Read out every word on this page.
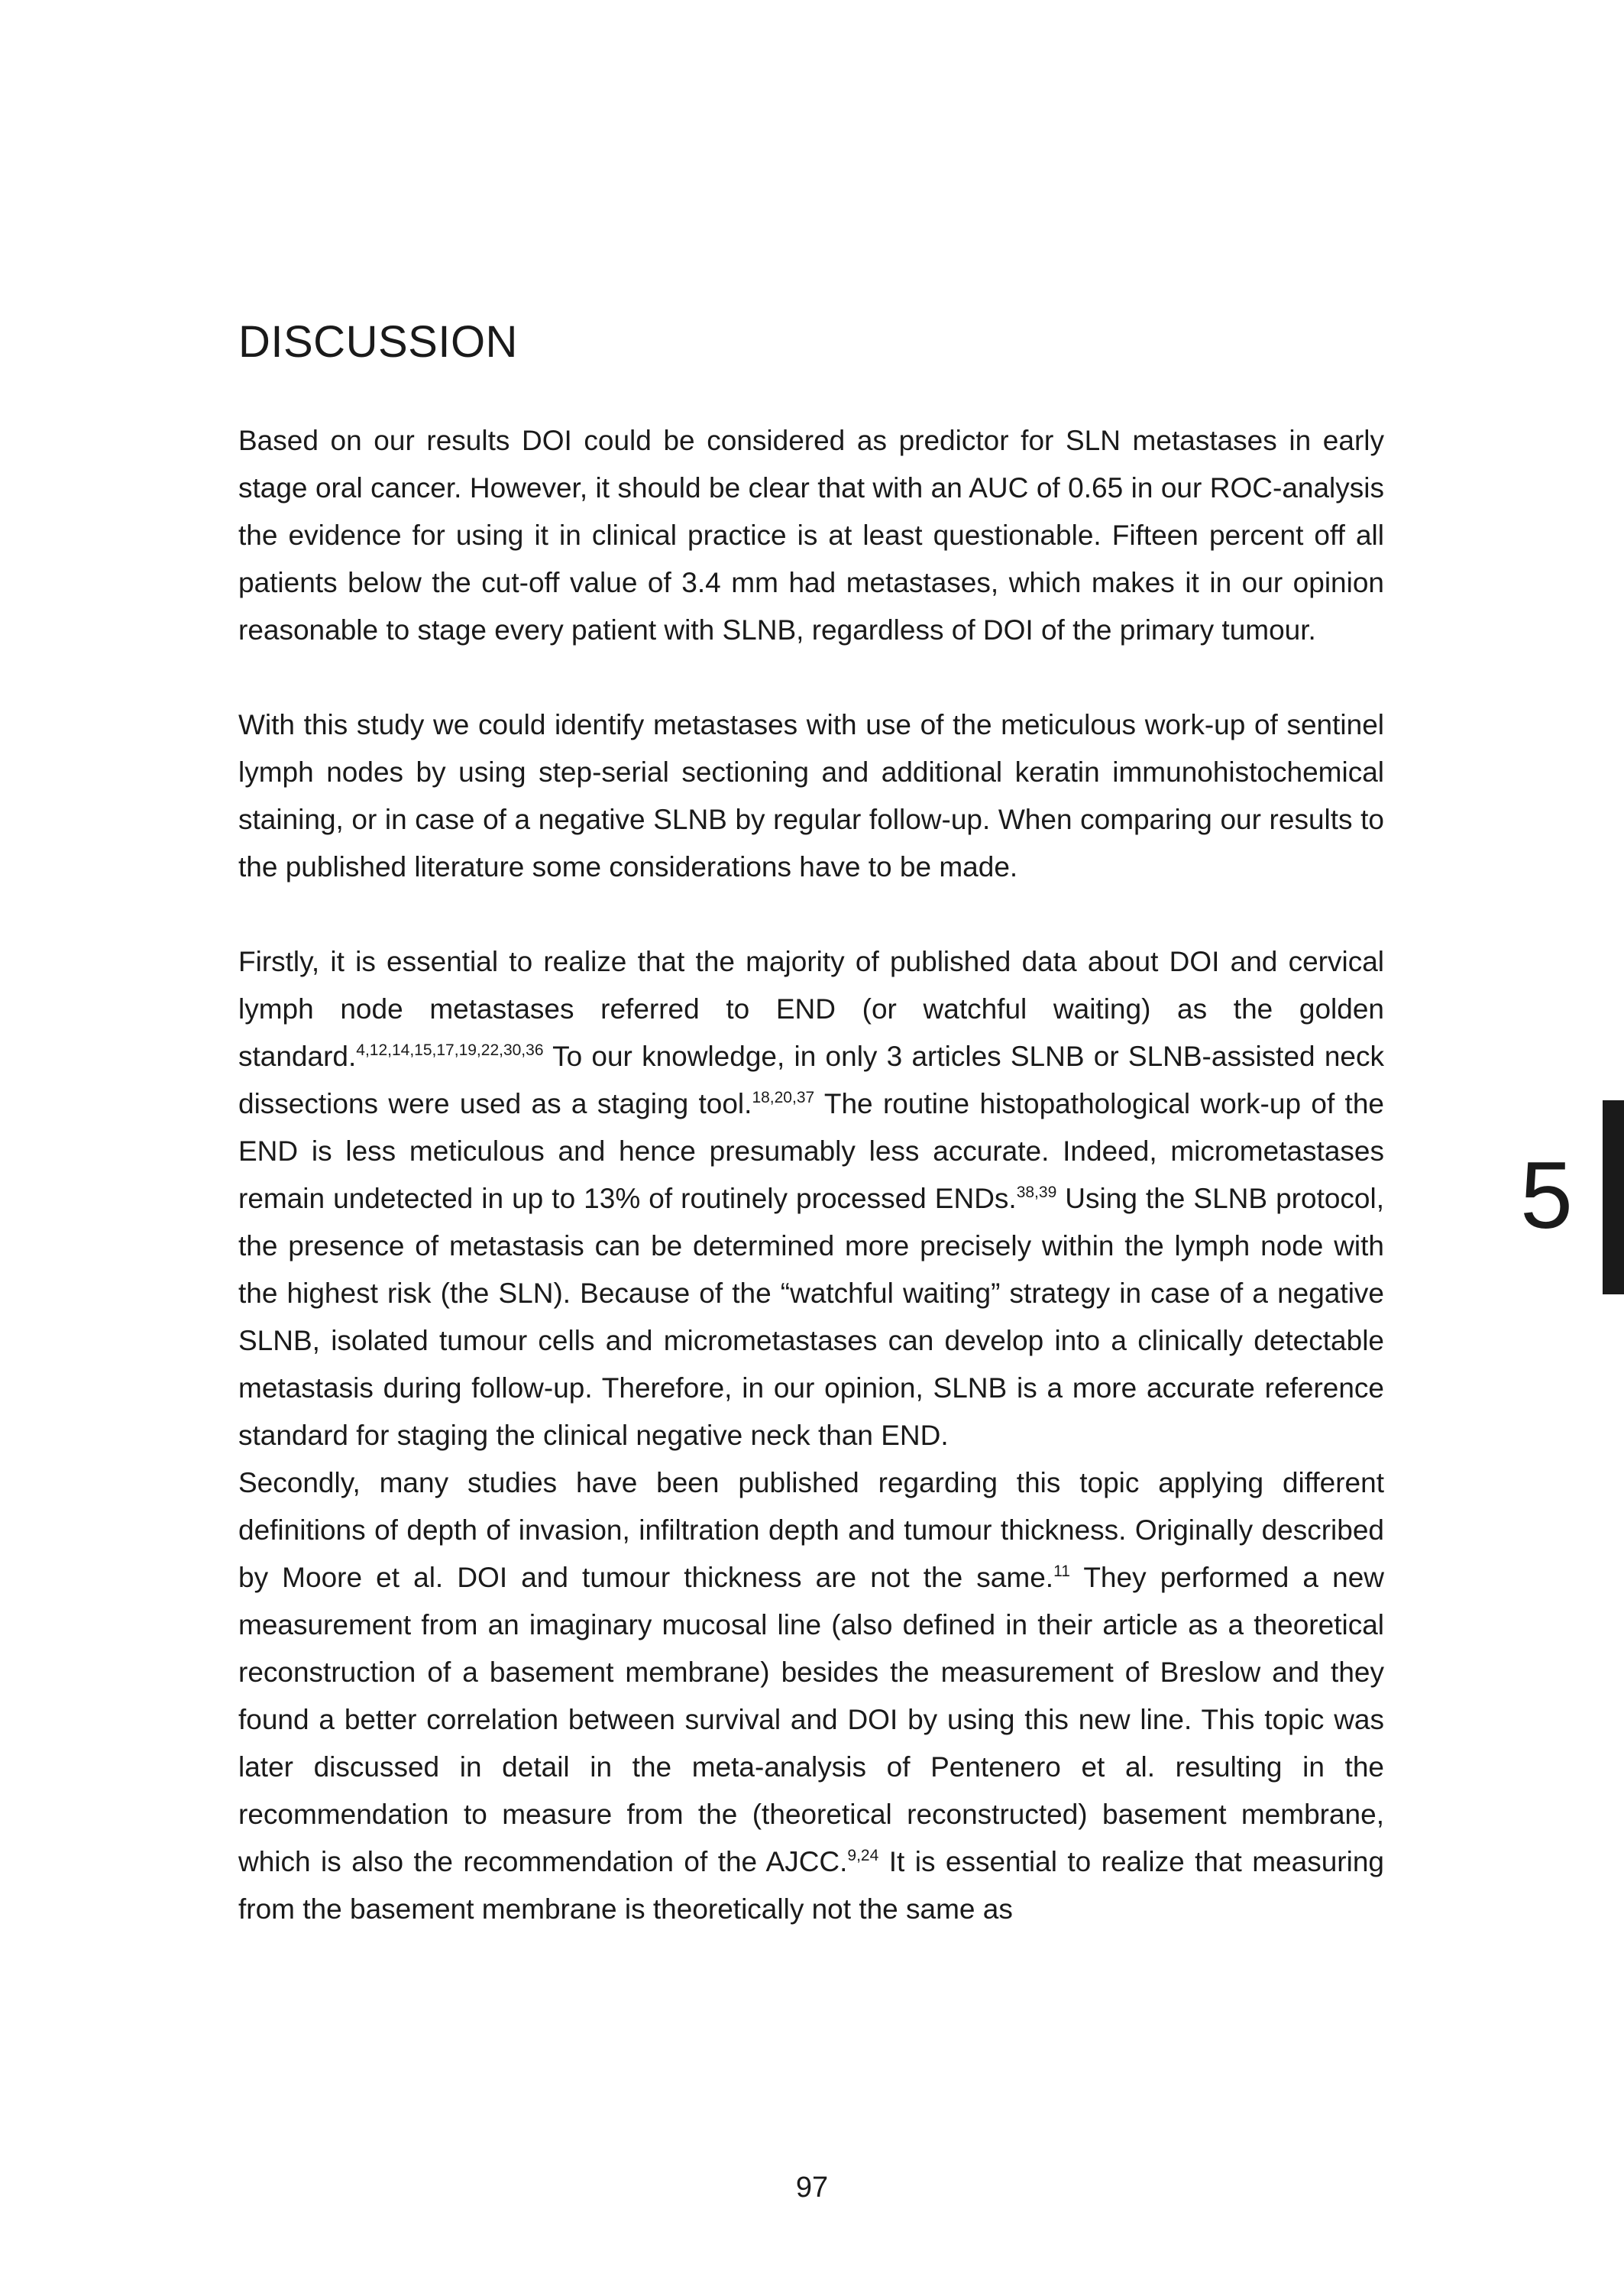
DISCUSSION

Based on our results DOI could be considered as predictor for SLN metastases in early stage oral cancer. However, it should be clear that with an AUC of 0.65 in our ROC-analysis the evidence for using it in clinical practice is at least questionable. Fifteen percent off all patients below the cut-off value of 3.4 mm had metastases, which makes it in our opinion reasonable to stage every patient with SLNB, regardless of DOI of the primary tumour.

With this study we could identify metastases with use of the meticulous work-up of sentinel lymph nodes by using step-serial sectioning and additional keratin immunohistochemical staining, or in case of a negative SLNB by regular follow-up. When comparing our results to the published literature some considerations have to be made.

Firstly, it is essential to realize that the majority of published data about DOI and cervical lymph node metastases referred to END (or watchful waiting) as the golden standard.$^{4,12,14,15,17,19,22,30,36}$ To our knowledge, in only 3 articles SLNB or SLNB-assisted neck dissections were used as a staging tool.$^{18,20,37}$ The routine histopathological work-up of the END is less meticulous and hence presumably less accurate. Indeed, micrometastases remain undetected in up to 13% of routinely processed ENDs.$^{38,39}$ Using the SLNB protocol, the presence of metastasis can be determined more precisely within the lymph node with the highest risk (the SLN). Because of the “watchful waiting” strategy in case of a negative SLNB, isolated tumour cells and micrometastases can develop into a clinically detectable metastasis during follow-up. Therefore, in our opinion, SLNB is a more accurate reference standard for staging the clinical negative neck than END.

Secondly, many studies have been published regarding this topic applying different definitions of depth of invasion, infiltration depth and tumour thickness. Originally described by Moore et al. DOI and tumour thickness are not the same.$^{11}$ They performed a new measurement from an imaginary mucosal line (also defined in their article as a theoretical reconstruction of a basement membrane) besides the measurement of Breslow and they found a better correlation between survival and DOI by using this new line. This topic was later discussed in detail in the meta-analysis of Pentenero et al. resulting in the recommendation to measure from the (theoretical reconstructed) basement membrane, which is also the recommendation of the AJCC.$^{9,24}$ It is essential to realize that measuring from the basement membrane is theoretically not the same as

5
97
